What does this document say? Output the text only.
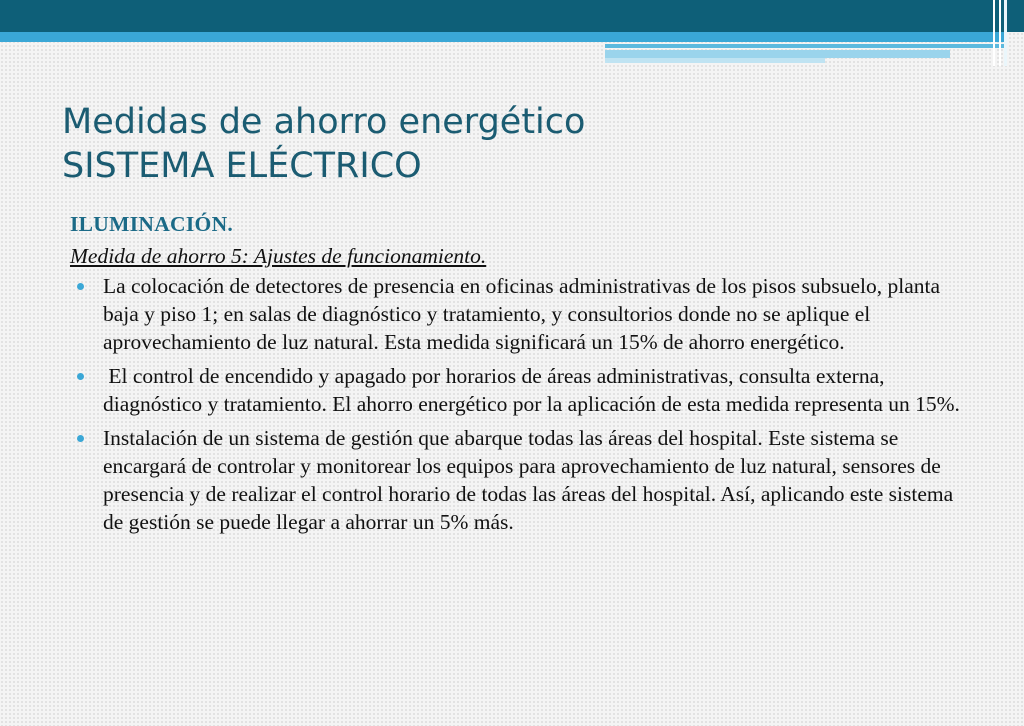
Medidas de ahorro energético
SISTEMA ELÉCTRICO
ILUMINACIÓN.
Medida de ahorro 5: Ajustes de funcionamiento.
La colocación de detectores de presencia en oficinas administrativas de los pisos subsuelo, planta baja y piso 1; en salas de diagnóstico y tratamiento, y consultorios donde no se aplique el aprovechamiento de luz natural. Esta medida significará un 15% de ahorro energético.
El control de encendido y apagado por horarios de áreas administrativas, consulta externa, diagnóstico y tratamiento. El ahorro energético por la aplicación de esta medida representa un 15%.
Instalación de un sistema de gestión que abarque todas las áreas del hospital. Este sistema se encargará de controlar y monitorear los equipos para aprovechamiento de luz natural, sensores de presencia y de realizar el control horario de todas las áreas del hospital. Así, aplicando este sistema de gestión se puede llegar a ahorrar un 5% más.
